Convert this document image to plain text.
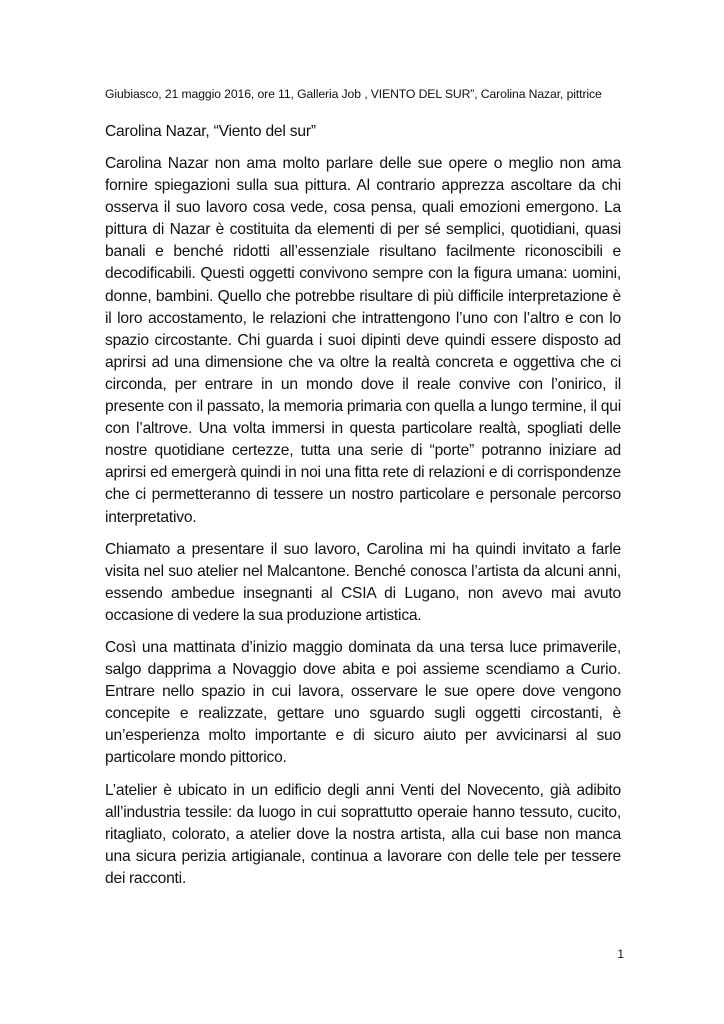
Giubiasco, 21 maggio 2016, ore 11, Galleria Job , VIENTO DEL SUR”, Carolina Nazar, pittrice
Carolina Nazar, “Viento del sur”

Carolina Nazar non ama molto parlare delle sue opere o meglio non ama fornire spiegazioni sulla sua pittura. Al contrario apprezza ascoltare da chi osserva il suo lavoro cosa vede, cosa pensa, quali emozioni emergono. La pittura di Nazar è costituita da elementi di per sé semplici, quotidiani, quasi banali e benché ridotti all’essenziale risultano facilmente riconoscibili e decodificabili. Questi oggetti convivono sempre con la figura umana: uomini, donne, bambini. Quello che potrebbe risultare di più difficile interpretazione è il loro accostamento, le relazioni che intrattengono l’uno con l’altro e con lo spazio circostante. Chi guarda i suoi dipinti deve quindi essere disposto ad aprirsi ad una dimensione che va oltre la realtà concreta e oggettiva che ci circonda, per entrare in un mondo dove il reale convive con l’onirico, il presente con il passato, la memoria primaria con quella a lungo termine, il qui con l’altrove. Una volta immersi in questa particolare realtà, spogliati delle nostre quotidiane certezze, tutta una serie di “porte” potranno iniziare ad aprirsi ed emergerà quindi in noi una fitta rete di relazioni e di corrispondenze che ci permetteranno di tessere un nostro particolare e personale percorso interpretativo.

Chiamato a presentare il suo lavoro, Carolina mi ha quindi invitato a farle visita nel suo atelier nel Malcantone. Benché conosca l’artista da alcuni anni, essendo ambedue insegnanti al CSIA di Lugano, non avevo mai avuto occasione di vedere la sua produzione artistica.

Così una mattinata d’inizio maggio dominata da una tersa luce primaverile, salgo dapprima a Novaggio dove abita e poi assieme scendiamo a Curio. Entrare nello spazio in cui lavora, osservare le sue opere dove vengono concepite e realizzate, gettare uno sguardo sugli oggetti circostanti, è un’esperienza molto importante e di sicuro aiuto per avvicinarsi al suo particolare mondo pittorico.

L’atelier è ubicato in un edificio degli anni Venti del Novecento, già adibito all’industria tessile: da luogo in cui soprattutto operaie hanno tessuto, cucito, ritagliato, colorato, a atelier dove la nostra artista, alla cui base non manca una sicura perizia artigianale, continua a lavorare con delle tele per tessere dei racconti.

1
